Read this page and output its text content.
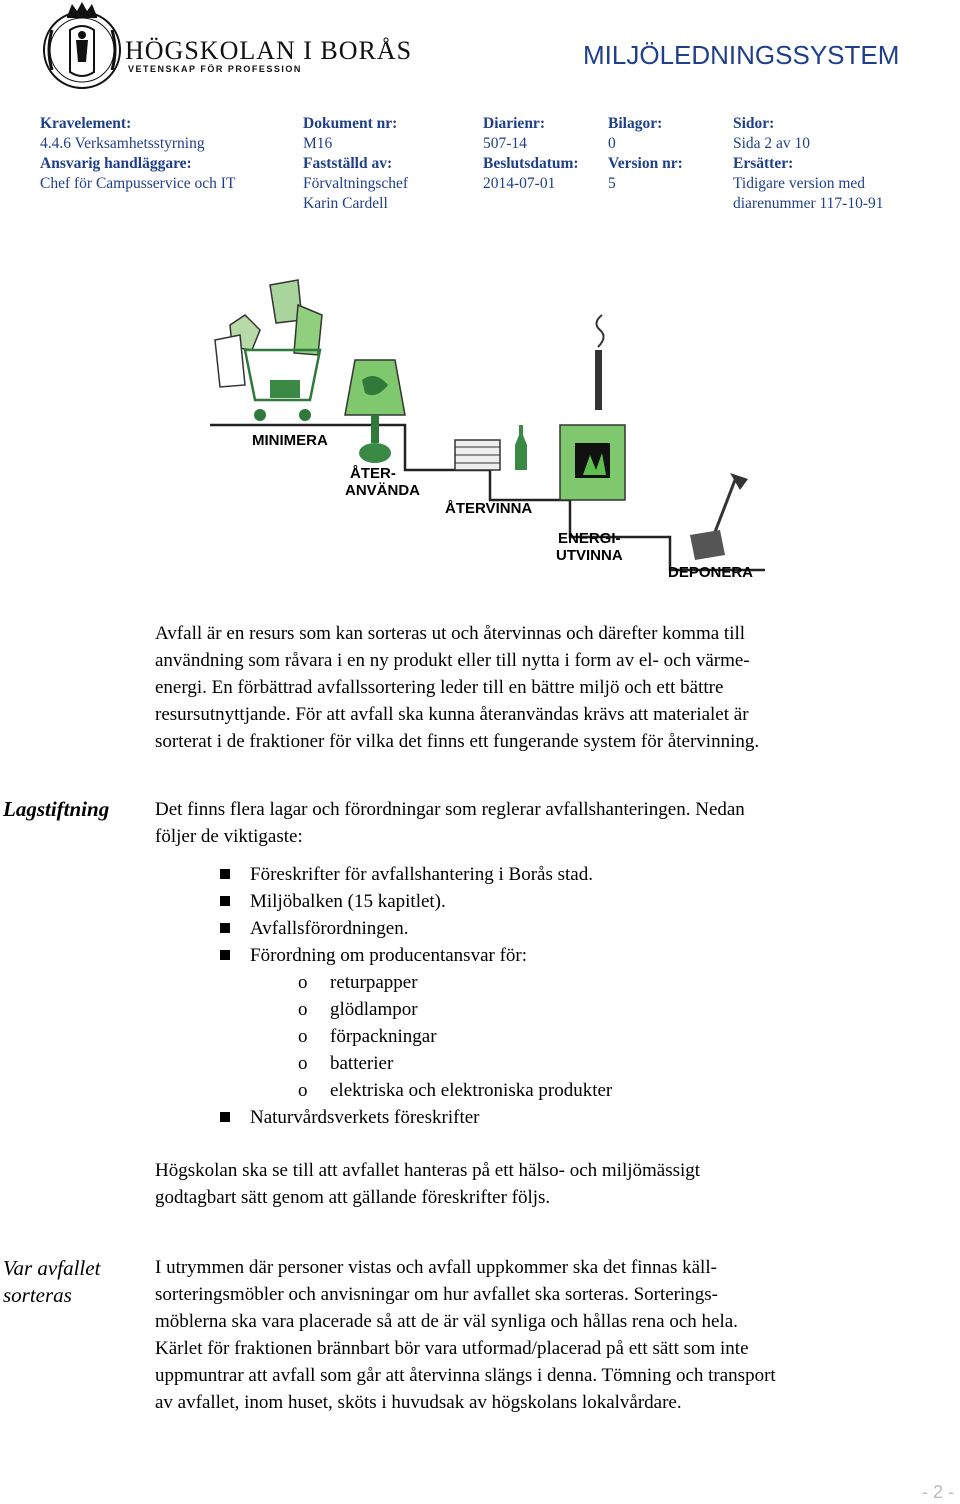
HÖGSKOLAN I BORÅS
VETENSKAP FÖR PROFESSION	MILJÖLEDNINGSSYSTEM
Kravelement:
4.4.6 Verksamhetsstyrning
Ansvarig handläggare:
Chef för Campusservice och IT
Dokument nr:
M16
Fastställd av:
Förvaltningschef
Karin Cardell
Diarienr:
507-14
Beslutsdatum:
2014-07-01
Bilagor:
0
Version nr:
5
Sidor:
Sida 2 av 10
Ersätter:
Tidigare version med
diarenummer 117-10-91
MINIMERA
ÅTER-
ANVÄNDA
ÅTERVINNA
ENERGI-
UTVINNA
DEPONERA
Avfall är en resurs som kan sorteras ut och återvinnas och därefter komma till
användning som råvara i en ny produkt eller till nytta i form av el- och värme-
energi. En förbättrad avfallssortering leder till en bättre miljö och ett bättre
resursutnyttjande. För att avfall ska kunna återanvändas krävs att materialet är
sorterat i de fraktioner för vilka det finns ett fungerande system för återvinning.
Lagstiftning Det finns flera lagar och förordningar som reglerar avfallshanteringen. Nedan
följer de viktigaste:
Föreskrifter för avfallshantering i Borås stad.
Miljöbalken (15 kapitlet).
Avfallsförordningen.
Förordning om producentansvar för:
o returpapper
o glödlampor
o förpackningar
o batterier
o elektriska och elektroniska produkter
Naturvårdsverkets föreskrifter
Högskolan ska se till att avfallet hanteras på ett hälso- och miljömässigt
godtagbart sätt genom att gällande föreskrifter följs.
Var avfallet
sorteras
I utrymmen där personer vistas och avfall uppkommer ska det finnas käll-
sorteringsmöbler och anvisningar om hur avfallet ska sorteras. Sorterings-
möblerna ska vara placerade så att de är väl synliga och hållas rena och hela.
Kärlet för fraktionen brännbart bör vara utformad/placerad på ett sätt som inte
uppmuntrar att avfall som går att återvinna slängs i denna. Tömning och transport
av avfallet, inom huset, sköts i huvudsak av högskolans lokalvårdare.
- 2 -
